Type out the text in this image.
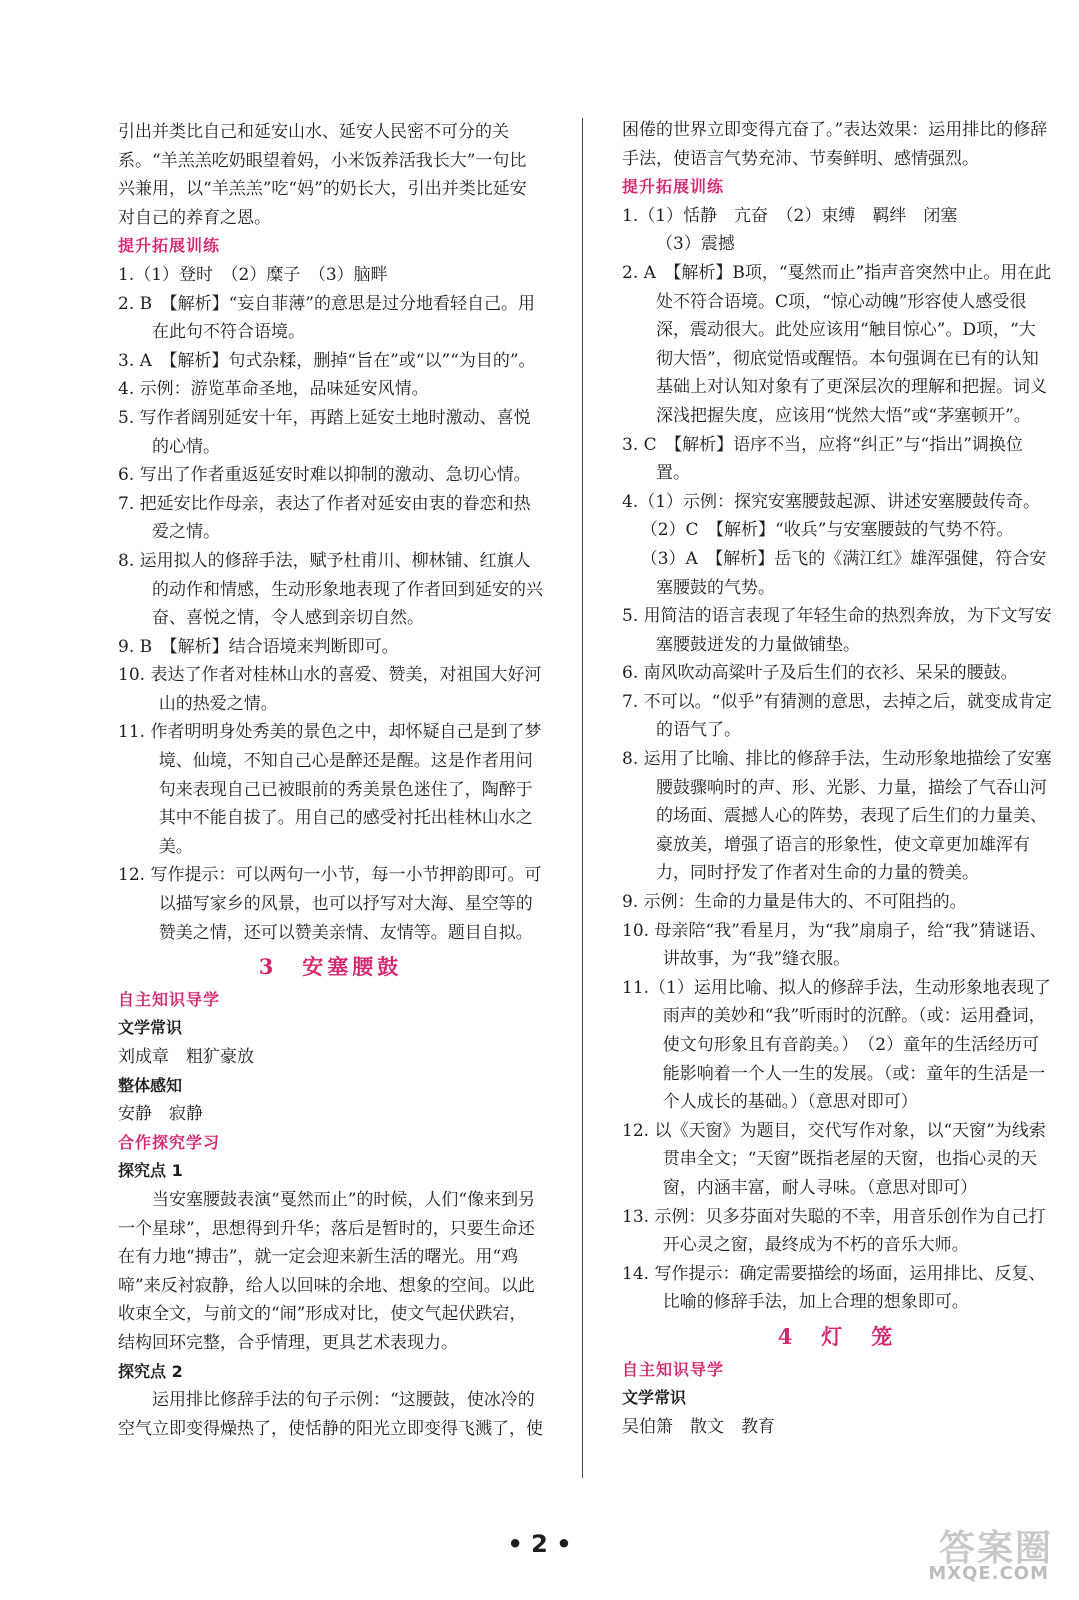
引出并类比自己和延安山水、延安人民密不可分的关系。“羊羔羔吃奶眼望着妈，小米饭养活我长大”一句比兴兼用，以“羊羔羔”吃“妈”的奶长大，引出并类比延安对自己的养育之恩。

提升拓展训练

1.（1）登时　（2）糜子　（3）脑畔

2. B　【解析】“妄自菲薄”的意思是过分地看轻自己。用在此句不符合语境。

3. A　【解析】句式杂糅，删掉“旨在”或“以”“为目的”。

4. 示例：游览革命圣地，品味延安风情。

5. 写作者阔别延安十年，再踏上延安土地时激动、喜悦的心情。

6. 写出了作者重返延安时难以抑制的激动、急切心情。

7. 把延安比作母亲，表达了作者对延安由衷的眷恋和热爱之情。

8. 运用拟人的修辞手法，赋予杜甫川、柳林铺、红旗人的动作和情感，生动形象地表现了作者回到延安的兴奋、喜悦之情，令人感到亲切自然。

9. B　【解析】结合语境来判断即可。

10. 表达了作者对桂林山水的喜爱、赞美，对祖国大好河山的热爱之情。

11. 作者明明身处秀美的景色之中，却怀疑自己是到了梦境、仙境，不知自己心是醉还是醒。这是作者用问句来表现自己已被眼前的秀美景色迷住了，陶醉于其中不能自拔了。用自己的感受衬托出桂林山水之美。

12. 写作提示：可以两句一小节，每一小节押韵即可。可以描写家乡的风景，也可以抒写对大海、星空等的赞美之情，还可以赞美亲情、友情等。题目自拟。

3　安塞腰鼓

自主知识导学

文学常识

刘成章　粗犷豪放

整体感知

安静　寂静

合作探究学习

探究点 1

当安塞腰鼓表演“戛然而止”的时候，人们“像来到另一个星球”，思想得到升华；落后是暂时的，只要生命还在有力地“搏击”，就一定会迎来新生活的曙光。用“鸡啼”来反衬寂静，给人以回味的余地、想象的空间。以此收束全文，与前文的“闹”形成对比，使文气起伏跌宕，结构回环完整，合乎情理，更具艺术表现力。

探究点 2

运用排比修辞手法的句子示例：“这腰鼓，使冰冷的空气立即变得燥热了，使恬静的阳光立即变得飞溅了，使

困倦的世界立即变得亢奋了。”表达效果：运用排比的修辞手法，使语言气势充沛、节奏鲜明、感情强烈。

提升拓展训练

1.（1）恬静　亢奋　（2）束缚　羁绊　闭塞

（3）震撼

2. A　【解析】B项，“戛然而止”指声音突然中止。用在此处不符合语境。C项，“惊心动魄”形容使人感受很深，震动很大。此处应该用“触目惊心”。D项，“大彻大悟”，彻底觉悟或醒悟。本句强调在已有的认知基础上对认知对象有了更深层次的理解和把握。词义深浅把握失度，应该用“恍然大悟”或“茅塞顿开”。

3. C　【解析】语序不当，应将“纠正”与“指出”调换位置。

4.（1）示例：探究安塞腰鼓起源、讲述安塞腰鼓传奇。

（2）C　【解析】“收兵”与安塞腰鼓的气势不符。

（3）A　【解析】岳飞的《满江红》雄浑强健，符合安塞腰鼓的气势。

5. 用简洁的语言表现了年轻生命的热烈奔放，为下文写安塞腰鼓迸发的力量做铺垫。

6. 南风吹动高粱叶子及后生们的衣衫、呆呆的腰鼓。

7. 不可以。“似乎”有猜测的意思，去掉之后，就变成肯定的语气了。

8. 运用了比喻、排比的修辞手法，生动形象地描绘了安塞腰鼓骤响时的声、形、光影、力量，描绘了气吞山河的场面、震撼人心的阵势，表现了后生们的力量美、豪放美，增强了语言的形象性，使文章更加雄浑有力，同时抒发了作者对生命的力量的赞美。

9. 示例：生命的力量是伟大的、不可阻挡的。

10. 母亲陪“我”看星月，为“我”扇扇子，给“我”猜谜语、讲故事，为“我”缝衣服。

11.（1）运用比喻、拟人的修辞手法，生动形象地表现了雨声的美妙和“我”听雨时的沉醉。（或：运用叠词，使文句形象且有音韵美。）　（2）童年的生活经历可能影响着一个人一生的发展。（或：童年的生活是一个人成长的基础。）（意思对即可）

12. 以《天窗》为题目，交代写作对象，以“天窗”为线索贯串全文；“天窗”既指老屋的天窗，也指心灵的天窗，内涵丰富，耐人寻味。（意思对即可）

13. 示例：贝多芬面对失聪的不幸，用音乐创作为自己打开心灵之窗，最终成为不朽的音乐大师。

14. 写作提示：确定需要描绘的场面，运用排比、反复、比喻的修辞手法，加上合理的想象即可。

4　灯　笼

自主知识导学

文学常识

吴伯箫　散文　教育

• 2 •	答案圈
MXQE.COM
